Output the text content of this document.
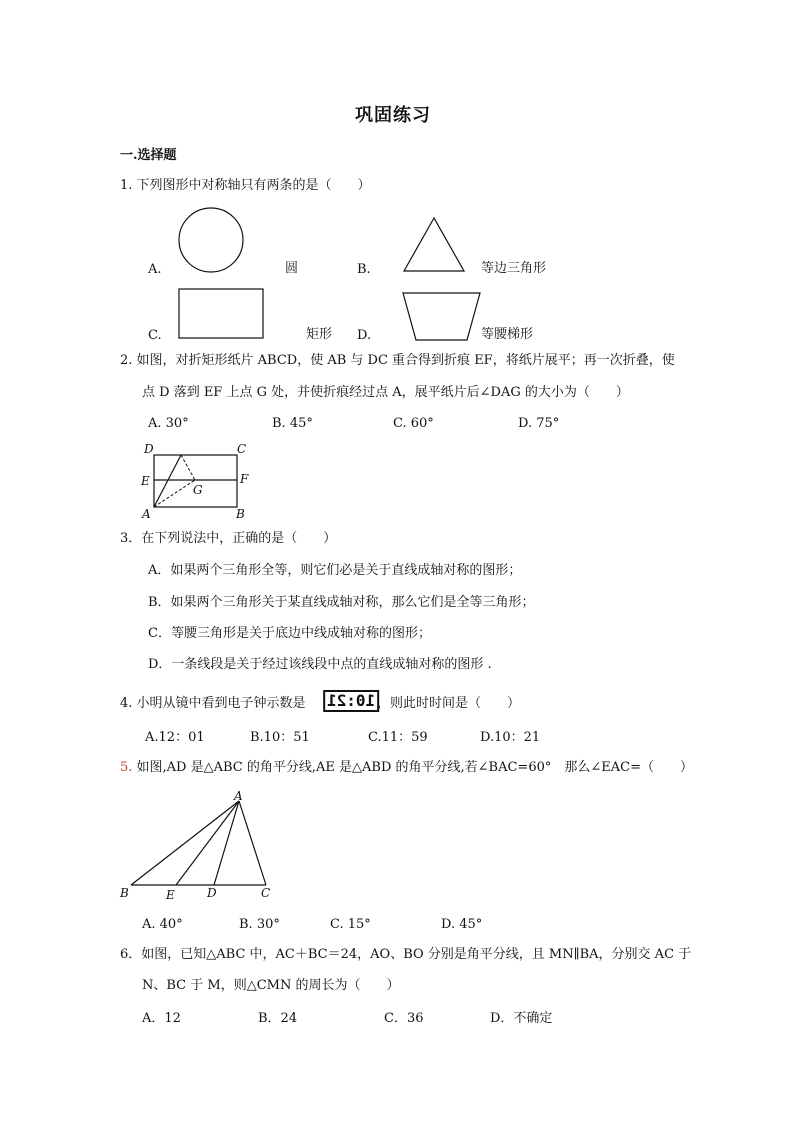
巩固练习
一.选择题
1. 下列图形中对称轴只有两条的是（　　）
A.	圆	B.	等边三角形
C.	矩形 D.	等腰梯形
2. 如图，对折矩形纸片 ABCD，使 AB 与 DC 重合得到折痕 EF，将纸片展平；再一次折叠，使
点 D 落到 EF 上点 G 处，并使折痕经过点 A，展平纸片后∠DAG 的大小为（　　）
A. 30°	B. 45°	C. 60°	D. 75°
D	C
E
G
F
A	B
3．在下列说法中，正确的是（　　）
A．如果两个三角形全等，则它们必是关于直线成轴对称的图形；
B．如果两个三角形关于某直线成轴对称，那么它们是全等三角形；
C．等腰三角形是关于底边中线成轴对称的图形；
D．一条线段是关于经过该线段中点的直线成轴对称的图形 .
4. 小明从镜中看到电子钟示数是 10:21 ，则此时时间是（　　）
A.12：01	B.10：51	C.11：59	D.10：21
5. 如图,AD 是△ABC 的角平分线,AE 是△ABD 的角平分线,若∠BAC=60°　那么∠EAC=（　　）
A
B	E	D	C
A. 40°	B. 30°	C. 15°	D. 45°
6．如图，已知△ABC 中，AC＋BC＝24，AO、BO 分别是角平分线，且 MN∥BA，分别交 AC 于
N、BC 于 M，则△CMN 的周长为（　　）
A．12	B．24	C．36	D．不确定
